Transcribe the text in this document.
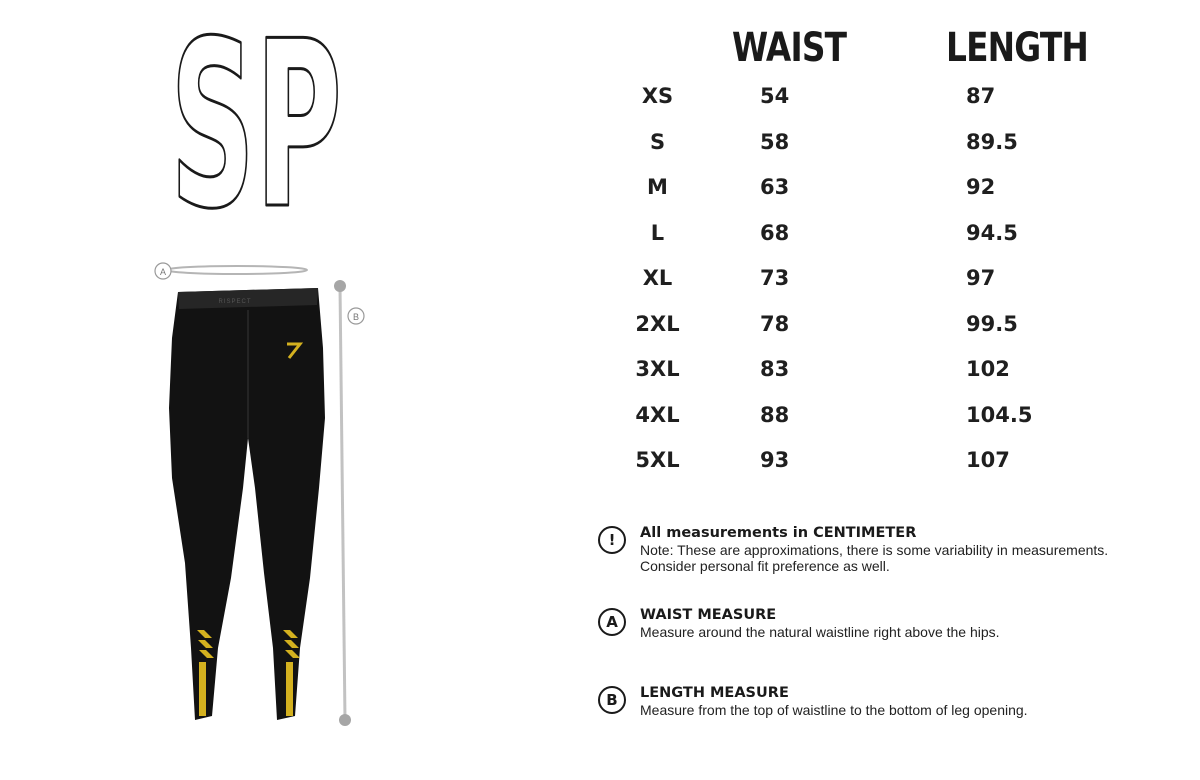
SP
A
B
RISPECT
WAIST LENGTH
XS	54	87
S	58	89.5
M	63	92
L	68	94.5
XL	73	97
2XL	78	99.5
3XL	83	102
4XL	88	104.5
5XL	93	107
!	All measurements in CENTIMETER
Note: These are approximations, there is some variability in measurements.
Consider personal fit preference as well.
A	WAIST MEASURE
Measure around the natural waistline right above the hips.
B	LENGTH MEASURE
Measure from the top of waistline to the bottom of leg opening.
